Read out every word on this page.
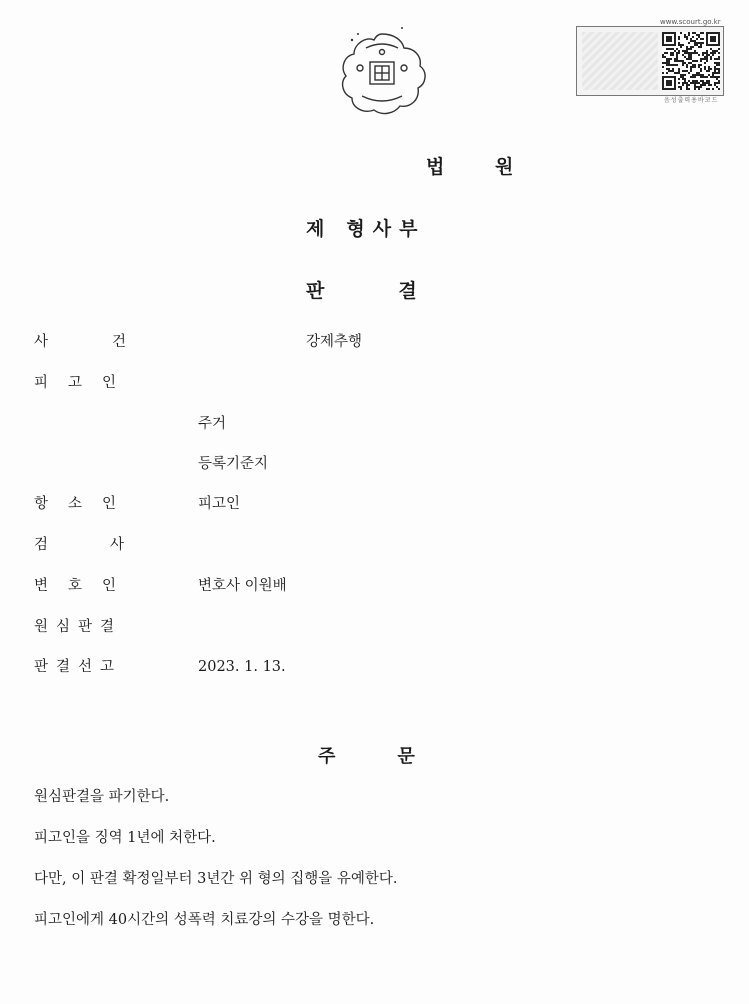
www.scourt.go.kr
음성출력용바코드
법 원
제 형사부
판	결
사	건	강제추행
피 고 인
주거
등록기준지
항 소 인	피고인
검	사
변 호 인	변호사 이원배
원심판결
판결선고	2023. 1. 13.
주	문
원심판결을 파기한다.
피고인을 징역 1년에 처한다.
다만, 이 판결 확정일부터 3년간 위 형의 집행을 유예한다.
피고인에게 40시간의 성폭력 치료강의 수강을 명한다.
